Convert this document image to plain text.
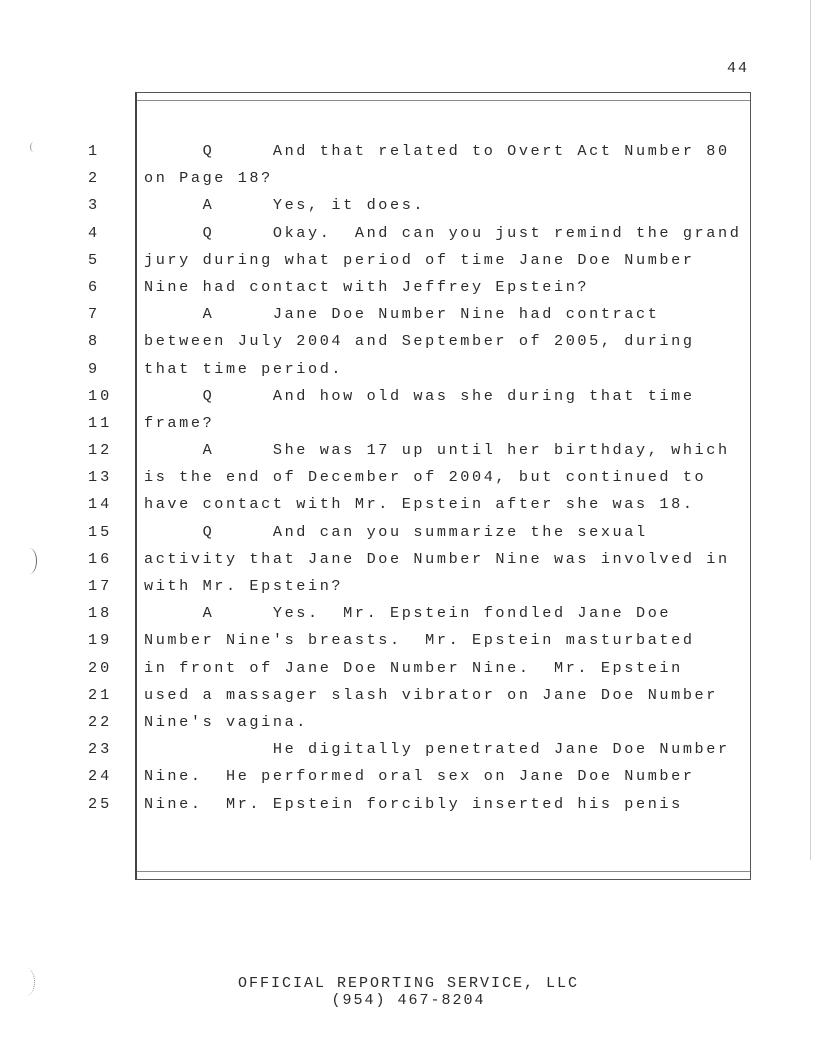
44
1	Q     And that related to Overt Act Number 80
2	on Page 18?
3	A     Yes, it does.
4	Q     Okay.  And can you just remind the grand
5	jury during what period of time Jane Doe Number
6	Nine had contact with Jeffrey Epstein?
7	A     Jane Doe Number Nine had contract
8	between July 2004 and September of 2005, during
9	that time period.
10	Q     And how old was she during that time
11	frame?
12	A     She was 17 up until her birthday, which
13	is the end of December of 2004, but continued to
14	have contact with Mr. Epstein after she was 18.
15	Q     And can you summarize the sexual
16	activity that Jane Doe Number Nine was involved in
17	with Mr. Epstein?
18	A     Yes.  Mr. Epstein fondled Jane Doe
19	Number Nine's breasts.  Mr. Epstein masturbated
20	in front of Jane Doe Number Nine.  Mr. Epstein
21	used a massager slash vibrator on Jane Doe Number
22	Nine's vagina.
23	He digitally penetrated Jane Doe Number
24	Nine.  He performed oral sex on Jane Doe Number
25	Nine.  Mr. Epstein forcibly inserted his penis
OFFICIAL REPORTING SERVICE, LLC
(954) 467-8204
